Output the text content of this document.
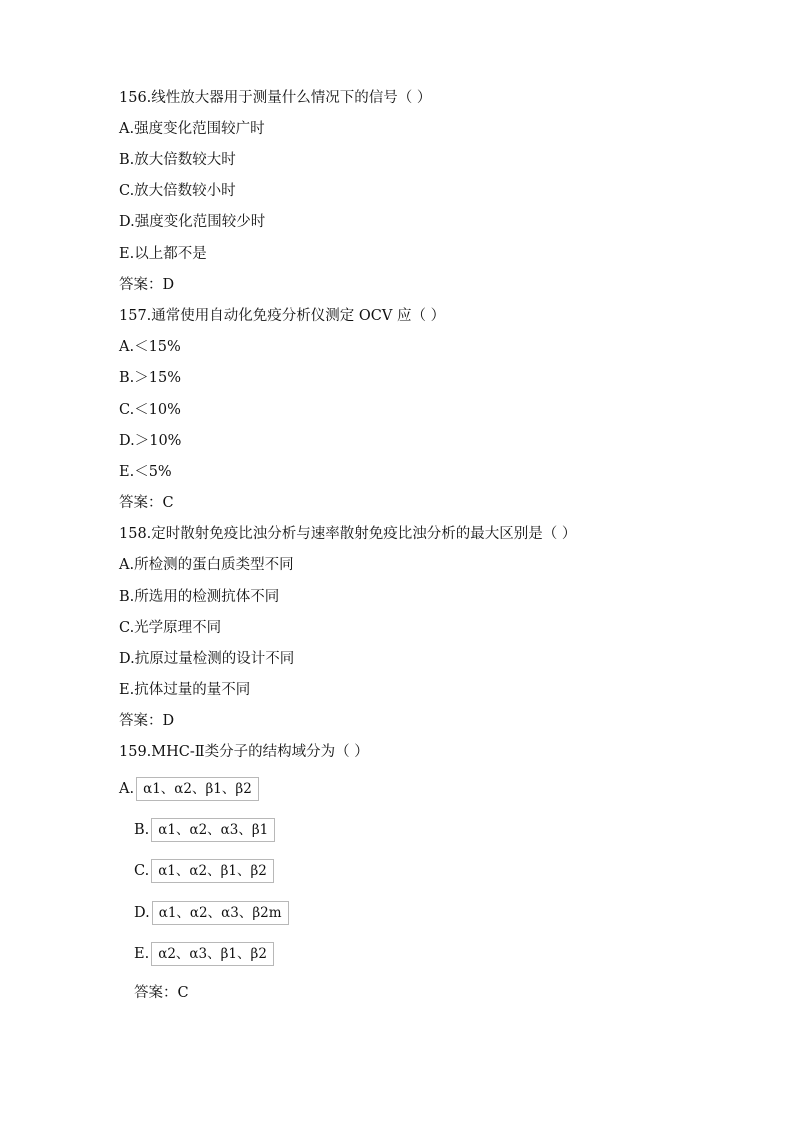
156.线性放大器用于测量什么情况下的信号（ ）
A.强度变化范围较广时
B.放大倍数较大时
C.放大倍数较小时
D.强度变化范围较少时
E.以上都不是
答案：D
157.通常使用自动化免疫分析仪测定 OCV 应（ ）
A.＜15%
B.＞15%
C.＜10%
D.＞10%
E.＜5%
答案：C
158.定时散射免疫比浊分析与速率散射免疫比浊分析的最大区别是（ ）
A.所检测的蛋白质类型不同
B.所选用的检测抗体不同
C.光学原理不同
D.抗原过量检测的设计不同
E.抗体过量的量不同
答案：D
159.MHC-Ⅱ类分子的结构域分为（ ）
A. α1、α2、β1、β2
B. α1、α2、α3、β1
C. α1、α2、β1、β2
D. α1、α2、α3、β2m
E. α2、α3、β1、β2
答案：C
